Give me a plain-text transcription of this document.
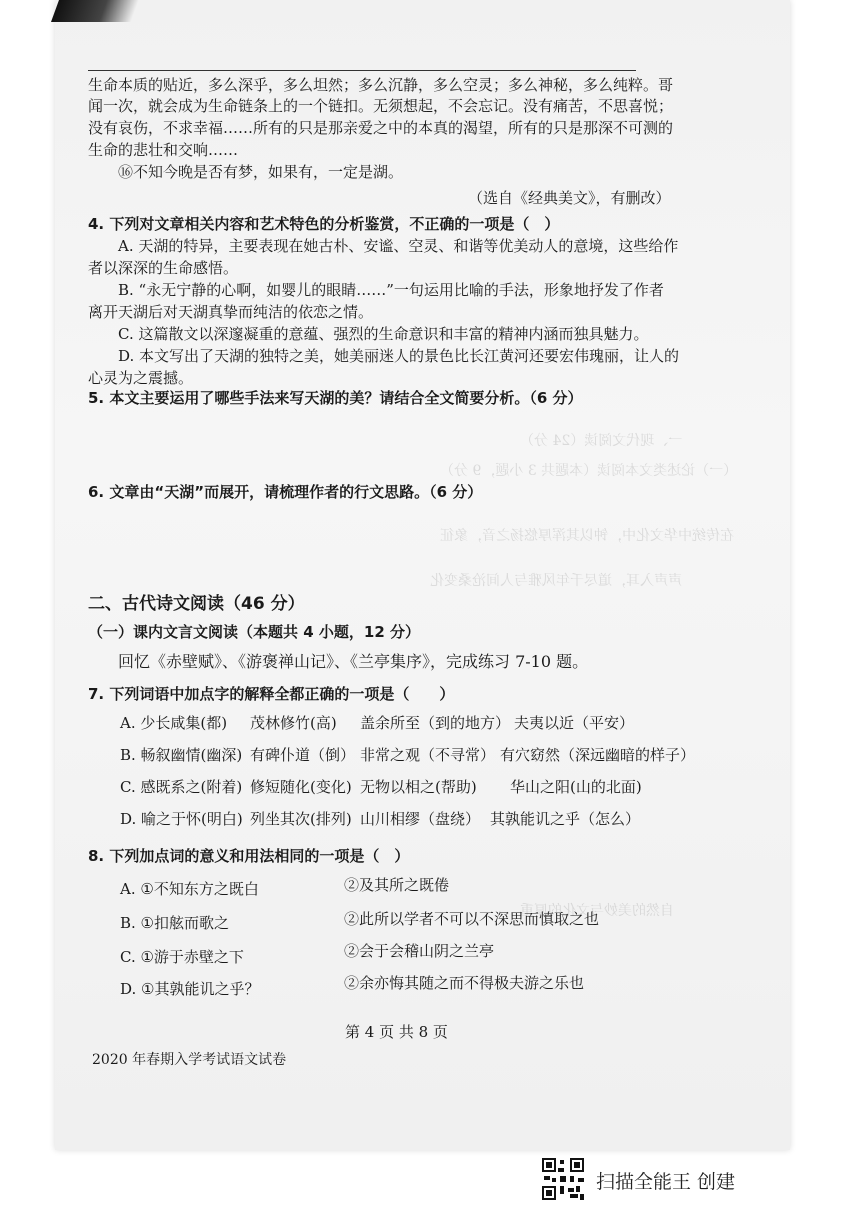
一、现代文阅读（24 分）
（一）论述类文本阅读（本题共 3 小题，9 分）
在传统中华文化中，钟以其浑厚悠扬之音，象征
声声入耳，道尽千年风雅与人间沧桑变化
自然的美妙与文化的厚重
生命本质的贴近，多么深乎，多么坦然；多么沉静，多么空灵；多么神秘，多么纯粹。哥
闻一次，就会成为生命链条上的一个链扣。无须想起，不会忘记。没有痛苦，不思喜悦；
没有哀伤，不求幸福……所有的只是那亲爱之中的本真的渴望，所有的只是那深不可测的
生命的悲壮和交响……
⑯不知今晚是否有梦，如果有，一定是湖。
（选自《经典美文》，有删改）
4. 下列对文章相关内容和艺术特色的分析鉴赏，不正确的一项是（　）
A. 天湖的特异，主要表现在她古朴、安谧、空灵、和谐等优美动人的意境，这些给作
者以深深的生命感悟。
B. “永无宁静的心啊，如婴儿的眼睛……”一句运用比喻的手法，形象地抒发了作者
离开天湖后对天湖真挚而纯洁的依恋之情。
C. 这篇散文以深邃凝重的意蕴、强烈的生命意识和丰富的精神内涵而独具魅力。
D. 本文写出了天湖的独特之美，她美丽迷人的景色比长江黄河还要宏伟瑰丽，让人的
心灵为之震撼。
5. 本文主要运用了哪些手法来写天湖的美？请结合全文简要分析。（6 分）
6. 文章由“天湖”而展开，请梳理作者的行文思路。（6 分）
二、古代诗文阅读（46 分）
（一）课内文言文阅读（本题共 4 小题，12 分）
回忆《赤壁赋》、《游褒禅山记》、《兰亭集序》，完成练习 7-10 题。
7. 下列词语中加点字的解释全都正确的一项是（　　）
A. 少长咸集(都) 茂林修竹(高) 盖余所至（到的地方） 夫夷以近（平安）
B. 畅叙幽情(幽深) 有碑仆道（倒） 非常之观（不寻常） 有穴窈然（深远幽暗的样子）
C. 感既系之(附着) 修短随化(变化) 无物以相之(帮助) 华山之阳(山的北面)
D. 喻之于怀(明白) 列坐其次(排列) 山川相缪（盘绕） 其孰能讥之乎（怎么）
8. 下列加点词的意义和用法相同的一项是（　）
A. ①不知东方之既白	②及其所之既倦
B. ①扣舷而歌之	②此所以学者不可以不深思而慎取之也
C. ①游于赤壁之下	②会于会稽山阴之兰亭
D. ①其孰能讥之乎？	②余亦悔其随之而不得极夫游之乐也
第 4 页 共 8 页
2020 年春期入学考试语文试卷
扫描全能王 创建
